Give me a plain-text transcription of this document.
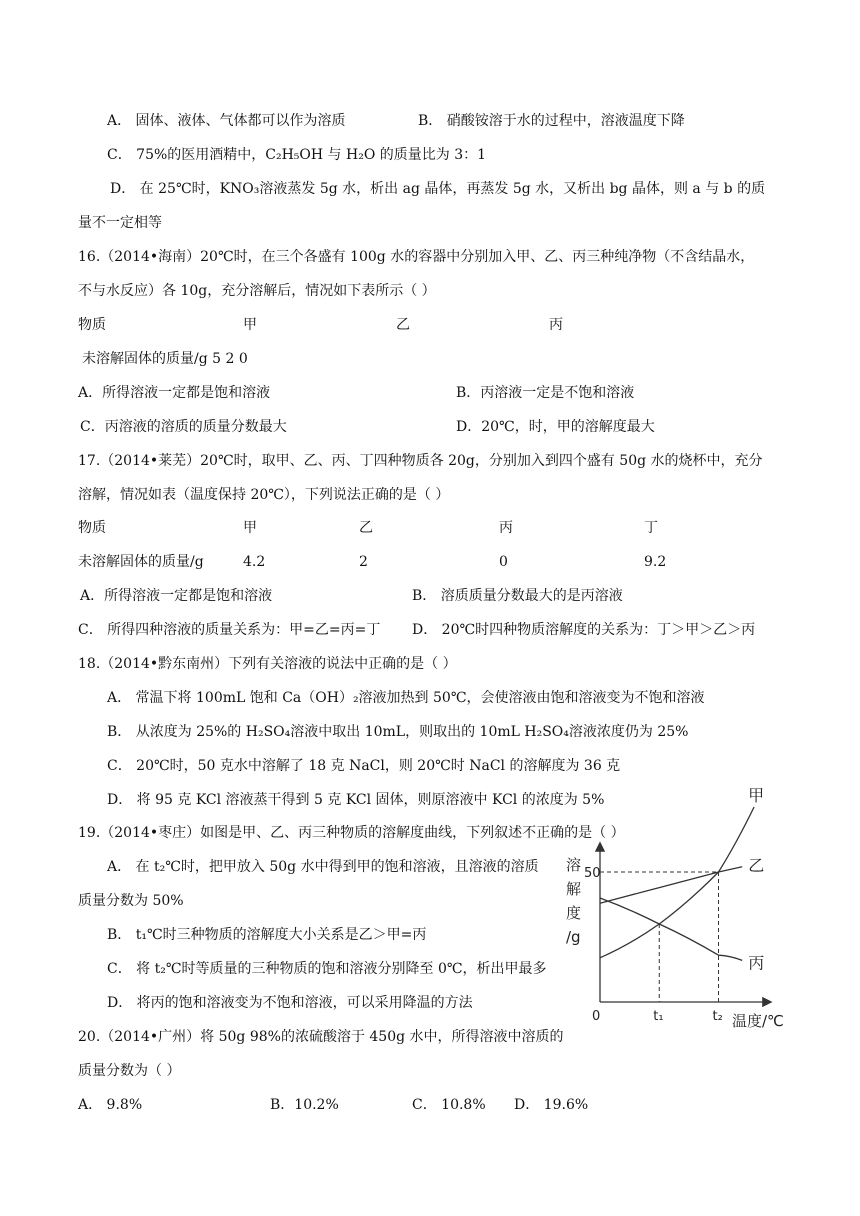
A． 固体、液体、气体都可以作为溶质	B． 硝酸铵溶于水的过程中，溶液温度下降
C． 75%的医用酒精中，C₂H₅OH 与 H₂O 的质量比为 3：1
D． 在 25℃时，KNO₃溶液蒸发 5g 水，析出 ag 晶体，再蒸发 5g 水，又析出 bg 晶体，则 a 与 b 的质
量不一定相等
16.（2014•海南）20℃时，在三个各盛有 100g 水的容器中分别加入甲、乙、丙三种纯净物（不含结晶水，
不与水反应）各 10g，充分溶解后，情况如下表所示（ ）
物质	甲	乙	丙
未溶解固体的质量/g 5 2 0
A．所得溶液一定都是饱和溶液	B．丙溶液一定是不饱和溶液
C．丙溶液的溶质的质量分数最大	D．20℃，时，甲的溶解度最大
17.（2014•莱芜）20℃时，取甲、乙、丙、丁四种物质各 20g，分别加入到四个盛有 50g 水的烧杯中，充分
溶解，情况如表（温度保持 20℃），下列说法正确的是（ ）
物质	甲	乙	丙	丁
未溶解固体的质量/g	4.2	2	0	9.2
A．所得溶液一定都是饱和溶液	B． 溶质质量分数最大的是丙溶液
C． 所得四种溶液的质量关系为：甲=乙=丙=丁 D． 20℃时四种物质溶解度的关系为：丁＞甲＞乙＞丙
18.（2014•黔东南州）下列有关溶液的说法中正确的是（ ）
A． 常温下将 100mL 饱和 Ca（OH）₂溶液加热到 50℃，会使溶液由饱和溶液变为不饱和溶液
B． 从浓度为 25%的 H₂SO₄溶液中取出 10mL，则取出的 10mL H₂SO₄溶液浓度仍为 25%
C． 20℃时，50 克水中溶解了 18 克 NaCl，则 20℃时 NaCl 的溶解度为 36 克
D． 将 95 克 KCl 溶液蒸干得到 5 克 KCl 固体，则原溶液中 KCl 的浓度为 5%
19.（2014•枣庄）如图是甲、乙、丙三种物质的溶解度曲线，下列叙述不正确的是（ ）
A． 在 t₂℃时，把甲放入 50g 水中得到甲的饱和溶液，且溶液的溶质
质量分数为 50%
B． t₁℃时三种物质的溶解度大小关系是乙＞甲=丙
C． 将 t₂℃时等质量的三种物质的饱和溶液分别降至 0℃，析出甲最多
D． 将丙的饱和溶液变为不饱和溶液，可以采用降温的方法
20.（2014•广州）将 50g 98%的浓硫酸溶于 450g 水中，所得溶液中溶质的
质量分数为（ ）
A． 9.8%	B．10.2%	C． 10.8% D． 19.6%
甲
乙
丙
溶
解
度
/g
50
0	t₁	t₂ 温度/℃
